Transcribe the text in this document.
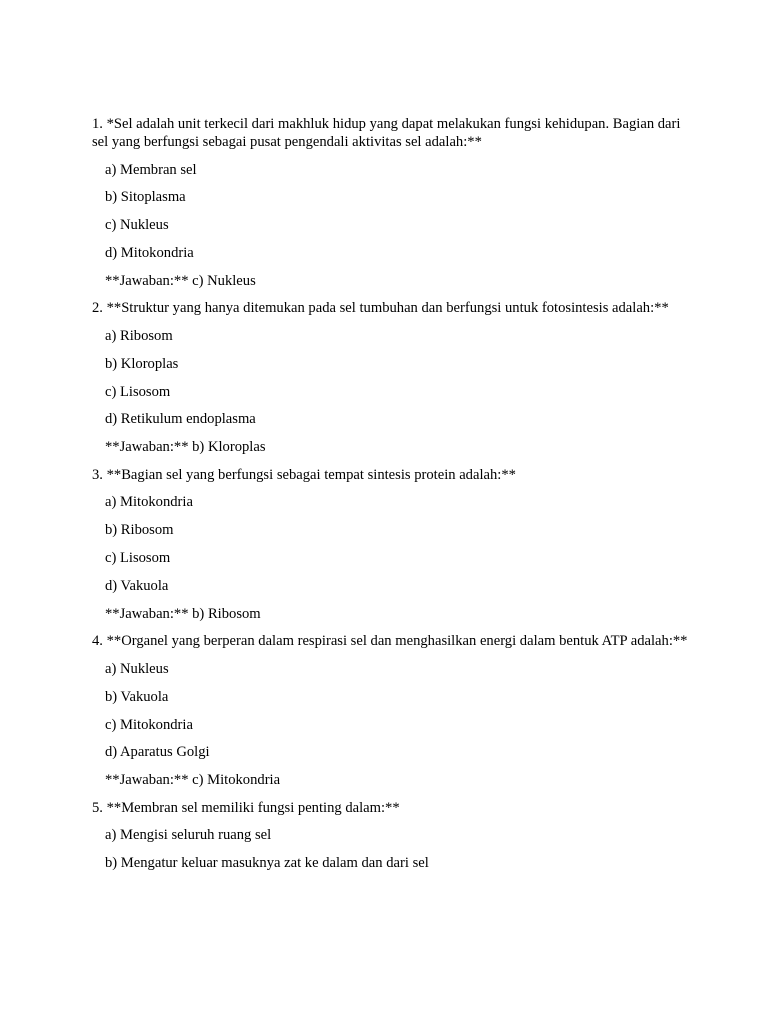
1. *Sel adalah unit terkecil dari makhluk hidup yang dapat melakukan fungsi kehidupan. Bagian dari sel yang berfungsi sebagai pusat pengendali aktivitas sel adalah:**
a) Membran sel
b) Sitoplasma
c) Nukleus
d) Mitokondria
**Jawaban:** c) Nukleus
2. **Struktur yang hanya ditemukan pada sel tumbuhan dan berfungsi untuk fotosintesis adalah:**
a) Ribosom
b) Kloroplas
c) Lisosom
d) Retikulum endoplasma
**Jawaban:** b) Kloroplas
3. **Bagian sel yang berfungsi sebagai tempat sintesis protein adalah:**
a) Mitokondria
b) Ribosom
c) Lisosom
d) Vakuola
**Jawaban:** b) Ribosom
4. **Organel yang berperan dalam respirasi sel dan menghasilkan energi dalam bentuk ATP adalah:**
a) Nukleus
b) Vakuola
c) Mitokondria
d) Aparatus Golgi
**Jawaban:** c) Mitokondria
5. **Membran sel memiliki fungsi penting dalam:**
a) Mengisi seluruh ruang sel
b) Mengatur keluar masuknya zat ke dalam dan dari sel
